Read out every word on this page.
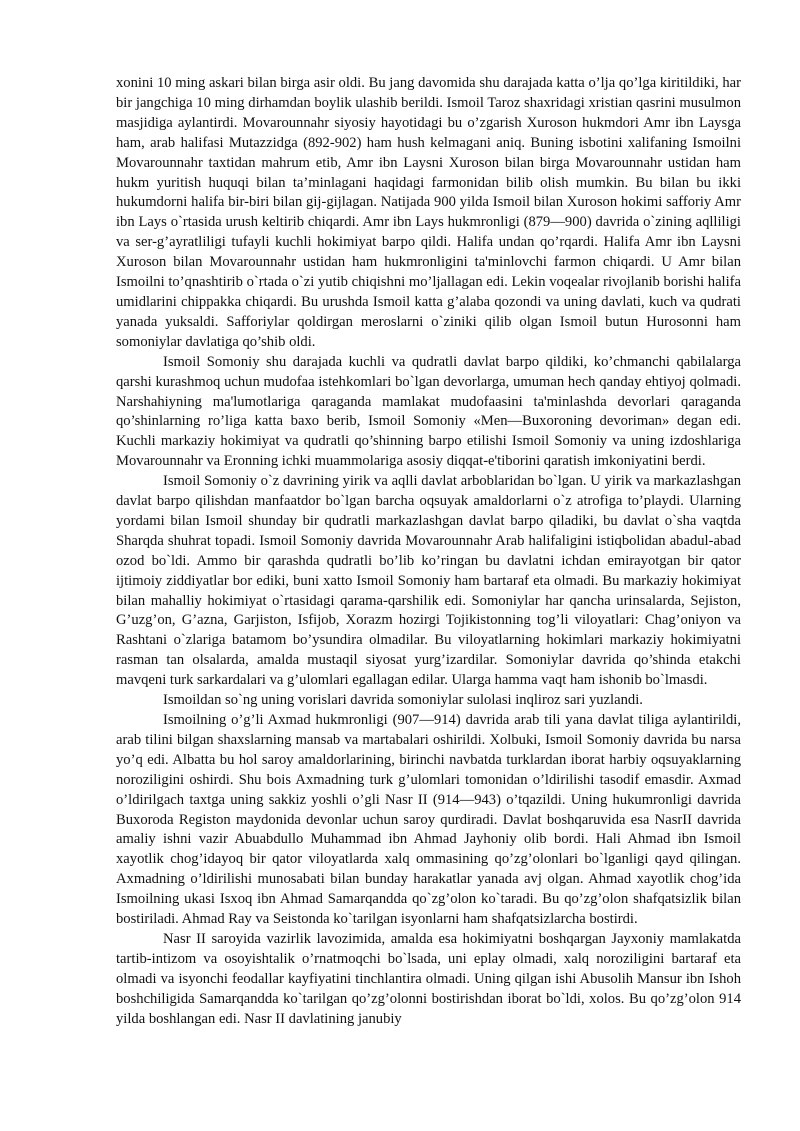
xonini 10 ming askari bilan birga asir oldi. Bu jang davomida shu darajada katta o’lja qo’lga kiritildiki, har bir jangchiga 10 ming dirhamdan boylik ulashib berildi. Ismoil Taroz shaxridagi xristian qasrini musulmon masjidiga aylantirdi. Movarounnahr siyosiy hayotidagi bu o’zgarish Xuroson hukmdori Amr ibn Laysga ham, arab halifasi Mutazzidga (892-902) ham hush kelmagani aniq. Buning isbotini xalifaning Ismoilni Movarounnahr taxtidan mahrum etib, Amr ibn Laysni Xuroson bilan birga Movarounnahr ustidan ham hukm yuritish huquqi bilan ta’minlagani haqidagi farmonidan bilib olish mumkin. Bu bilan bu ikki hukumdorni halifa bir-biri bilan gij-gijlagan. Natijada 900 yilda Ismoil bilan Xuroson hokimi safforiy Amr ibn Lays o`rtasida urush keltirib chiqardi. Amr ibn Lays hukmronligi (879—900) davrida o`zining aqlliligi va ser-g’ayratliligi tufayli kuchli hokimiyat barpo qildi. Halifa undan qo’rqardi. Halifa Amr ibn Laysni Xuroson bilan Movarounnahr ustidan ham hukmronligini ta'minlovchi farmon chiqardi. U Amr bilan Ismoilni to’qnashtirib o`rtada o`zi yutib chiqishni mo’ljallagan edi. Lekin voqealar rivojlanib borishi halifa umidlarini chippakka chiqardi. Bu urushda Ismoil katta g’alaba qozondi va uning davlati, kuch va qudrati yanada yuksaldi. Safforiylar qoldirgan meroslarni o`ziniki qilib olgan Ismoil butun Hurosonni ham somoniylar davlatiga qo’shib oldi.

Ismoil Somoniy shu darajada kuchli va qudratli davlat barpo qildiki, ko’chmanchi qabilalarga qarshi kurashmoq uchun mudofaa istehkomlari bo`lgan devorlarga, umuman hech qanday ehtiyoj qolmadi. Narshahiyning ma'lumotlariga qaraganda mamlakat mudofaasini ta'minlashda devorlari qaraganda qo’shinlarning ro’liga katta baxo berib, Ismoil Somoniy «Men—Buxoroning devoriman» degan edi. Kuchli markaziy hokimiyat va qudratli qo’shinning barpo etilishi Ismoil Somoniy va uning izdoshlariga Movarounnahr va Eronning ichki muammolariga asosiy diqqat-e'tiborini qaratish imkoniyatini berdi.

Ismoil Somoniy o`z davrining yirik va aqlli davlat arboblaridan bo`lgan. U yirik va markazlashgan davlat barpo qilishdan manfaatdor bo`lgan barcha oqsuyak amaldorlarni o`z atrofiga to’playdi. Ularning yordami bilan Ismoil shunday bir qudratli markazlashgan davlat barpo qiladiki, bu davlat o`sha vaqtda Sharqda shuhrat topadi. Ismoil Somoniy davrida Movarounnahr Arab halifaligini istiqbolidan abadul-abad ozod bo`ldi. Ammo bir qarashda qudratli bo’lib ko’ringan bu davlatni ichdan emirayotgan bir qator ijtimoiy ziddiyatlar bor ediki, buni xatto Ismoil Somoniy ham bartaraf eta olmadi. Bu markaziy hokimiyat bilan mahalliy hokimiyat o`rtasidagi qarama-qarshilik edi. Somoniylar har qancha urinsalarda, Sejiston, G’uzg’on, G’azna, Garjiston, Isfijob, Xorazm hozirgi Tojikistonning tog’li viloyatlari: Chag’oniyon va Rashtani o`zlariga batamom bo’ysundira olmadilar. Bu viloyatlarning hokimlari markaziy hokimiyatni rasman tan olsalarda, amalda mustaqil siyosat yurg’izardilar. Somoniylar davrida qo’shinda etakchi mavqeni turk sarkardalari va g’ulomlari egallagan edilar. Ularga hamma vaqt ham ishonib bo`lmasdi.

Ismoildan so`ng uning vorislari davrida somoniylar sulolasi inqliroz sari yuzlandi.

Ismoilning o’g’li Axmad hukmronligi (907—914) davrida arab tili yana davlat tiliga aylantirildi, arab tilini bilgan shaxslarning mansab va martabalari oshirildi. Xolbuki, Ismoil Somoniy davrida bu narsa yo’q edi. Albatta bu hol saroy amaldorlarining, birinchi navbatda turklardan iborat harbiy oqsuyaklarning noroziligini oshirdi. Shu bois Axmadning turk g’ulomlari tomonidan o’ldirilishi tasodif emasdir. Axmad o’ldirilgach taxtga uning sakkiz yoshli o’gli Nasr II (914—943) o’tqazildi. Uning hukumronligi davrida Buxoroda Registon maydonida devonlar uchun saroy qurdiradi. Davlat boshqaruvida esa NasrII davrida amaliy ishni vazir Abuabdullo Muhammad ibn Ahmad Jayhoniy olib bordi. Hali Ahmad ibn Ismoil xayotlik chog’idayoq bir qator viloyatlarda xalq ommasining qo’zg’olonlari bo`lganligi qayd qilingan. Axmadning o’ldirilishi munosabati bilan bunday harakatlar yanada avj olgan. Ahmad xayotlik chog’ida Ismoilning ukasi Isxoq ibn Ahmad Samarqandda qo`zg’olon ko`taradi. Bu qo’zg’olon shafqatsizlik bilan bostiriladi. Ahmad Ray va Seistonda ko`tarilgan isyonlarni ham shafqatsizlarcha bostirdi.

Nasr II saroyida vazirlik lavozimida, amalda esa hokimiyatni boshqargan Jayxoniy mamlakatda tartib-intizom va osoyishtalik o’rnatmoqchi bo`lsada, uni eplay olmadi, xalq noroziligini bartaraf eta olmadi va isyonchi feodallar kayfiyatini tinchlantira olmadi. Uning qilgan ishi Abusolih Mansur ibn Ishoh boshchiligida Samarqandda ko`tarilgan qo’zg’olonni bostirishdan iborat bo`ldi, xolos. Bu qo’zg’olon 914 yilda boshlangan edi. Nasr II davlatining janubiy
